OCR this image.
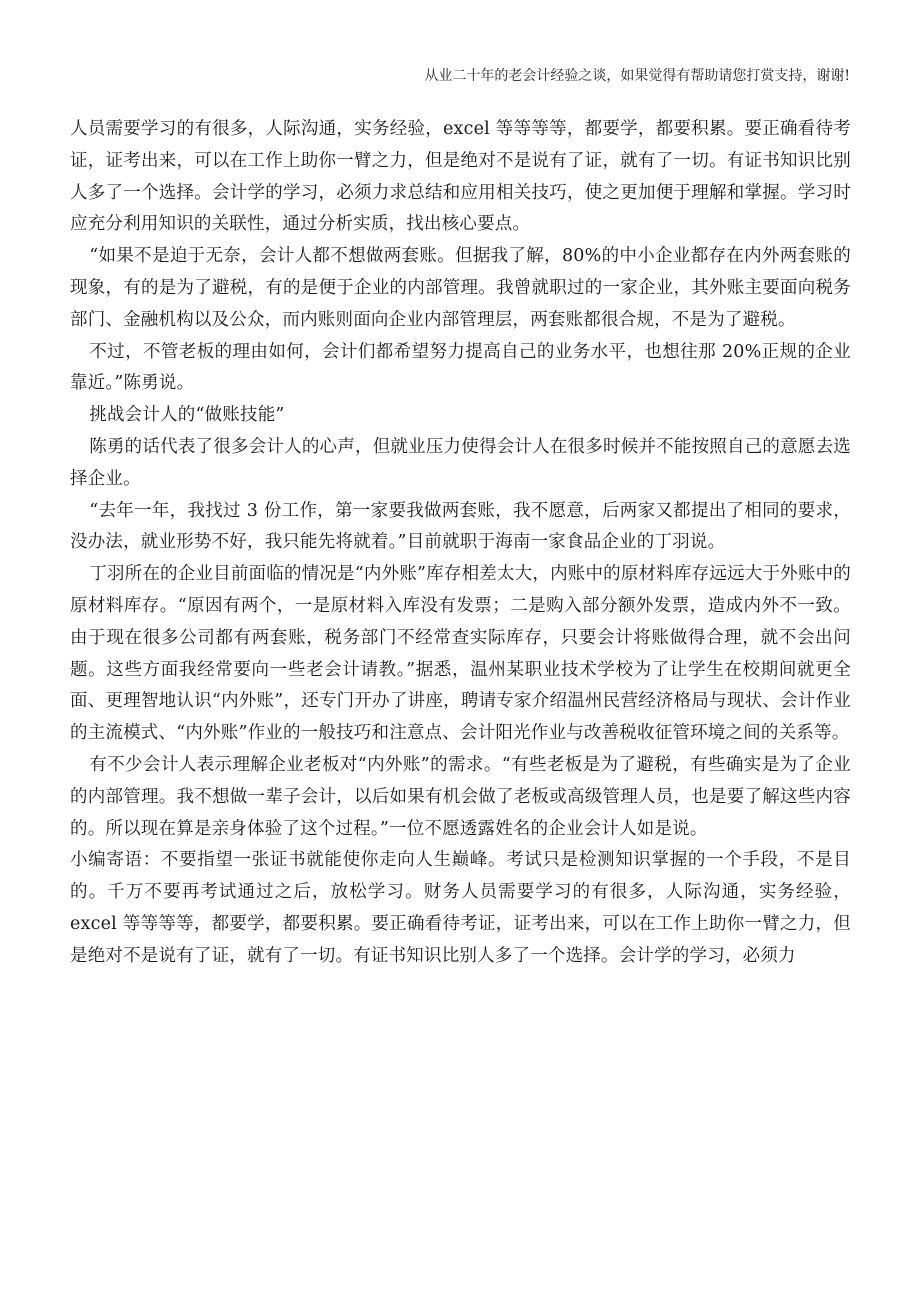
从业二十年的老会计经验之谈，如果觉得有帮助请您打赏支持，谢谢!

人员需要学习的有很多，人际沟通，实务经验，excel 等等等等，都要学，都要积累。要正确看待考证，证考出来，可以在工作上助你一臂之力，但是绝对不是说有了证，就有了一切。有证书知识比别人多了一个选择。会计学的学习，必须力求总结和应用相关技巧，使之更加便于理解和掌握。学习时应充分利用知识的关联性，通过分析实质，找出核心要点。

“如果不是迫于无奈，会计人都不想做两套账。但据我了解，80%的中小企业都存在内外两套账的现象，有的是为了避税，有的是便于企业的内部管理。我曾就职过的一家企业，其外账主要面向税务部门、金融机构以及公众，而内账则面向企业内部管理层，两套账都很合规，不是为了避税。

不过，不管老板的理由如何，会计们都希望努力提高自己的业务水平，也想往那 20%正规的企业靠近。”陈勇说。

挑战会计人的“做账技能”

陈勇的话代表了很多会计人的心声，但就业压力使得会计人在很多时候并不能按照自己的意愿去选择企业。

“去年一年，我找过 3 份工作，第一家要我做两套账，我不愿意，后两家又都提出了相同的要求，没办法，就业形势不好，我只能先将就着。”目前就职于海南一家食品企业的丁羽说。

丁羽所在的企业目前面临的情况是“内外账”库存相差太大，内账中的原材料库存远远大于外账中的原材料库存。“原因有两个，一是原材料入库没有发票；二是购入部分额外发票，造成内外不一致。由于现在很多公司都有两套账，税务部门不经常查实际库存，只要会计将账做得合理，就不会出问题。这些方面我经常要向一些老会计请教。”据悉，温州某职业技术学校为了让学生在校期间就更全面、更理智地认识“内外账”，还专门开办了讲座，聘请专家介绍温州民营经济格局与现状、会计作业的主流模式、“内外账”作业的一般技巧和注意点、会计阳光作业与改善税收征管环境之间的关系等。

有不少会计人表示理解企业老板对“内外账”的需求。“有些老板是为了避税，有些确实是为了企业的内部管理。我不想做一辈子会计，以后如果有机会做了老板或高级管理人员，也是要了解这些内容的。所以现在算是亲身体验了这个过程。”一位不愿透露姓名的企业会计人如是说。

小编寄语：不要指望一张证书就能使你走向人生巅峰。考试只是检测知识掌握的一个手段，不是目的。千万不要再考试通过之后，放松学习。财务人员需要学习的有很多，人际沟通，实务经验，excel 等等等等，都要学，都要积累。要正确看待考证，证考出来，可以在工作上助你一臂之力，但是绝对不是说有了证，就有了一切。有证书知识比别人多了一个选择。会计学的学习，必须力
